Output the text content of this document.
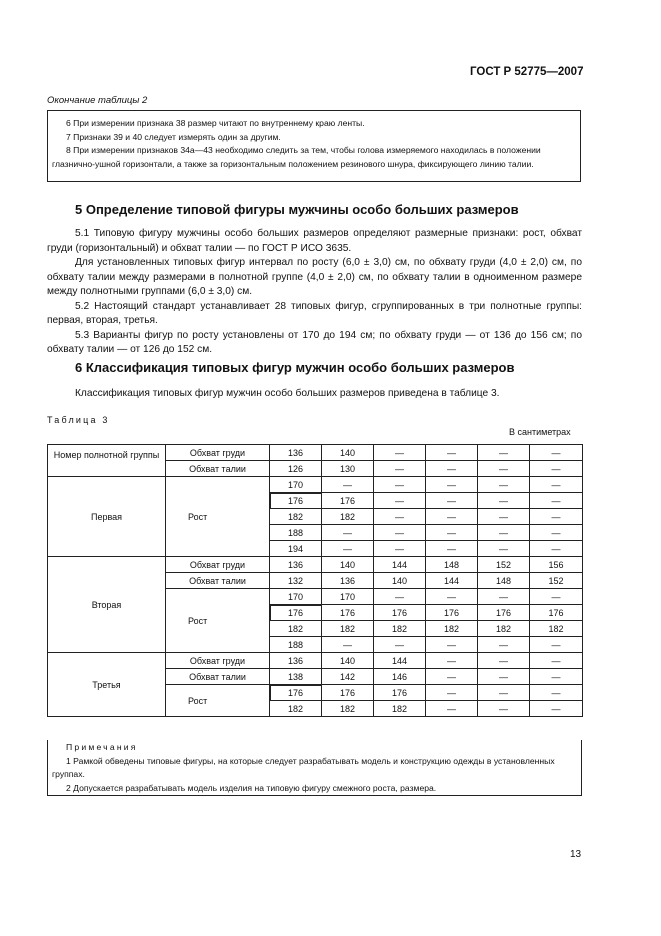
ГОСТ Р 52775—2007
Окончание таблицы 2

6 При измерении признака 38 размер читают по внутреннему краю ленты.

7 Признаки 39 и 40 следует измерять один за другим.

8 При измерении признаков 34а—43 необходимо следить за тем, чтобы голова измеряемого находилась в положении глазнично-ушной горизонтали, а также за горизонтальным положением резинового шнура, фиксирующего линию талии.

5 Определение типовой фигуры мужчины особо больших размеров

5.1 Типовую фигуру мужчины особо больших размеров определяют размерные признаки: рост, обхват груди (горизонтальный) и обхват талии — по ГОСТ Р ИСО 3635.

Для установленных типовых фигур интервал по росту (6,0 ± 3,0) см, по обхвату груди (4,0 ± 2,0) см, по обхвату талии между размерами в полнотной группе (4,0 ± 2,0) см, по обхвату талии в одноименном размере между полнотными группами (6,0 ± 3,0) см.

5.2 Настоящий стандарт устанавливает 28 типовых фигур, сгруппированных в три полнотные группы: первая, вторая, третья.

5.3 Варианты фигур по росту установлены от 170 до 194 см; по обхвату груди — от 136 до 156 см; по обхвату талии — от 126 до 152 см.

6 Классификация типовых фигур мужчин особо больших размеров
Классификация типовых фигур мужчин особо больших размеров приведена в таблице 3.
Таблица 3
В сантиметрах
Номер полнотной группы	Обхват груди	136	140	—	—	—	—
	Обхват талии	126	130	—	—	—	—
Первая	Рост	170	—	—	—	—	—
		176	176	—	—	—	—
		182	182	—	—	—	—
		188	—	—	—	—	—
		194	—	—	—	—	—
Вторая	Обхват груди	136	140	144	148	152	156
	Обхват талии	132	136	140	144	148	152
	Рост	170	170	—	—	—	—
		176	176	176	176	176	176
		182	182	182	182	182	182
		188	—	—	—	—	—
Третья	Обхват груди	136	140	144	—	—	—
	Обхват талии	138	142	146	—	—	—
	Рост	176	176	176	—	—	—
		182	182	182	—	—	—

Примечания

1 Рамкой обведены типовые фигуры, на которые следует разрабатывать модель и конструкцию одежды в установленных группах.

2 Допускается разрабатывать модель изделия на типовую фигуру смежного роста, размера.

13
